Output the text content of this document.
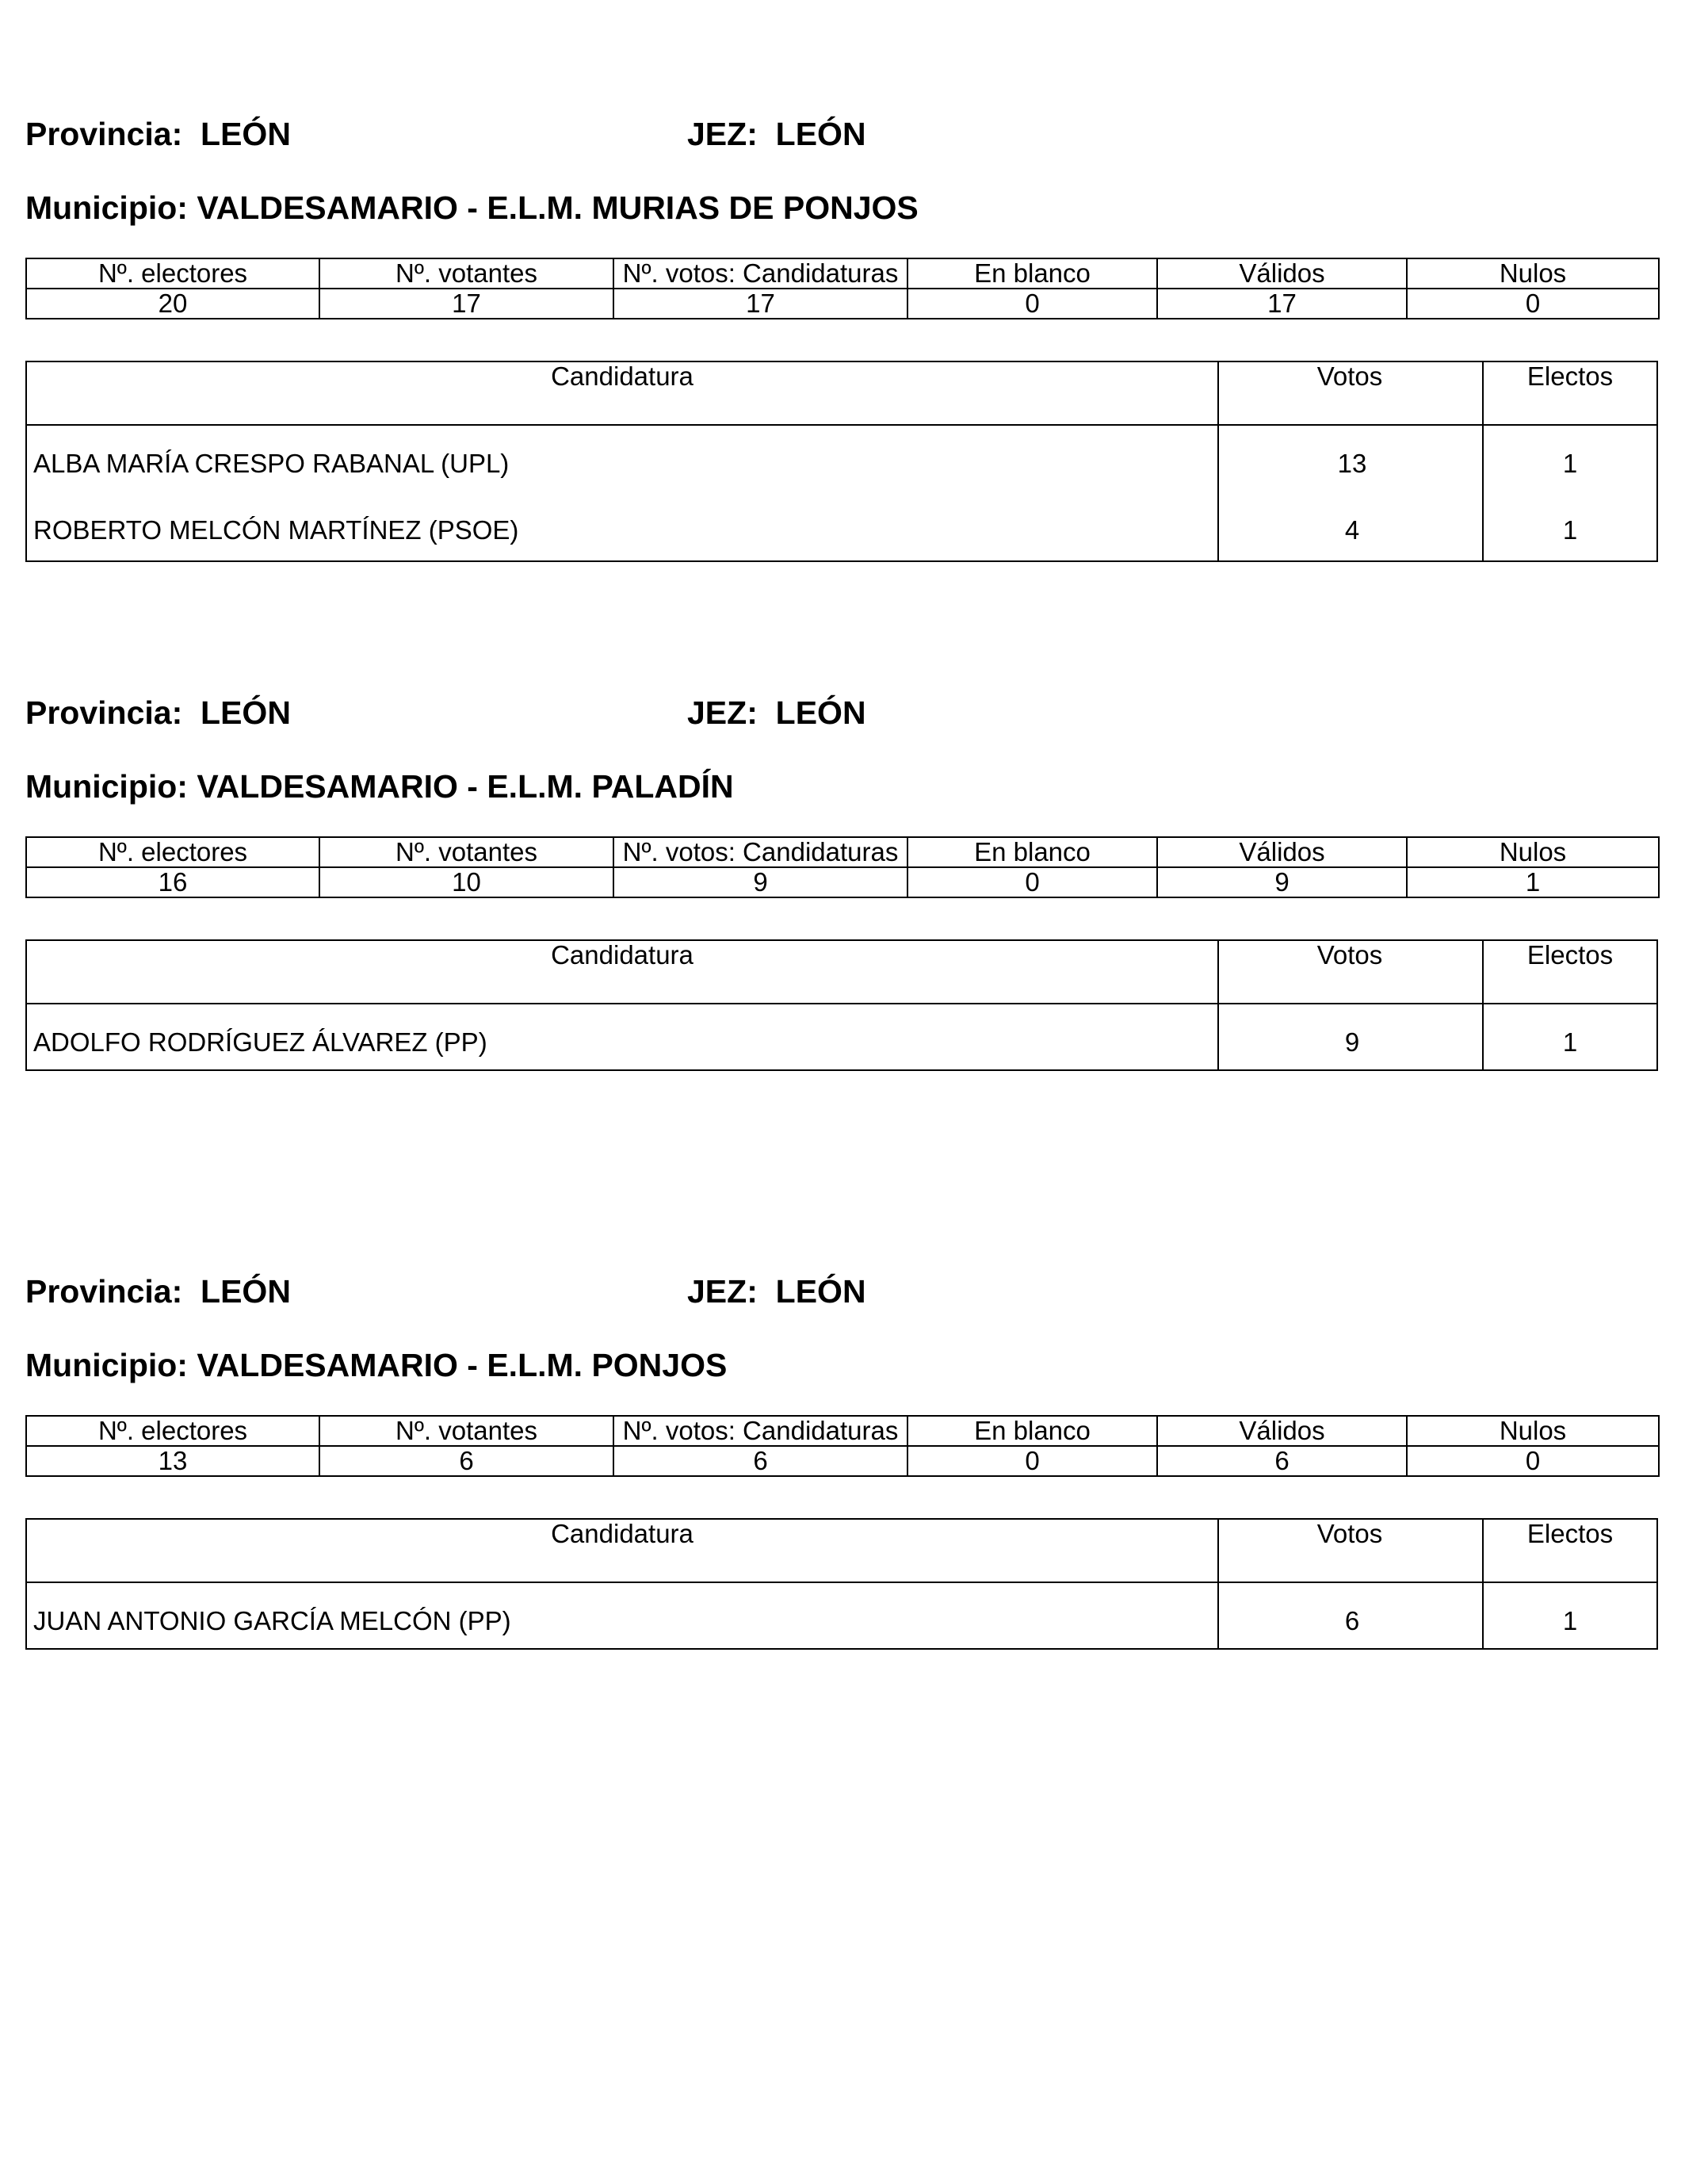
Provincia: LEÓN	JEZ: LEÓN
Municipio: VALDESAMARIO - E.L.M. MURIAS DE PONJOS
Nº. electores	Nº. votantes	Nº. votos: Candidaturas	En blanco	Válidos	Nulos
20	17	17	0	17	0
Candidatura	Votos	Electos
ALBA MARÍA CRESPO RABANAL (UPL)	13	1
ROBERTO MELCÓN MARTÍNEZ (PSOE)	4	1
Provincia: LEÓN	JEZ: LEÓN
Municipio: VALDESAMARIO - E.L.M. PALADÍN
Nº. electores	Nº. votantes	Nº. votos: Candidaturas	En blanco	Válidos	Nulos
16	10	9	0	9	1
Candidatura	Votos	Electos
ADOLFO RODRÍGUEZ ÁLVAREZ (PP)	9	1
Provincia: LEÓN	JEZ: LEÓN
Municipio: VALDESAMARIO - E.L.M. PONJOS
Nº. electores	Nº. votantes	Nº. votos: Candidaturas	En blanco	Válidos	Nulos
13	6	6	0	6	0
Candidatura	Votos	Electos
JUAN ANTONIO GARCÍA MELCÓN (PP)	6	1
